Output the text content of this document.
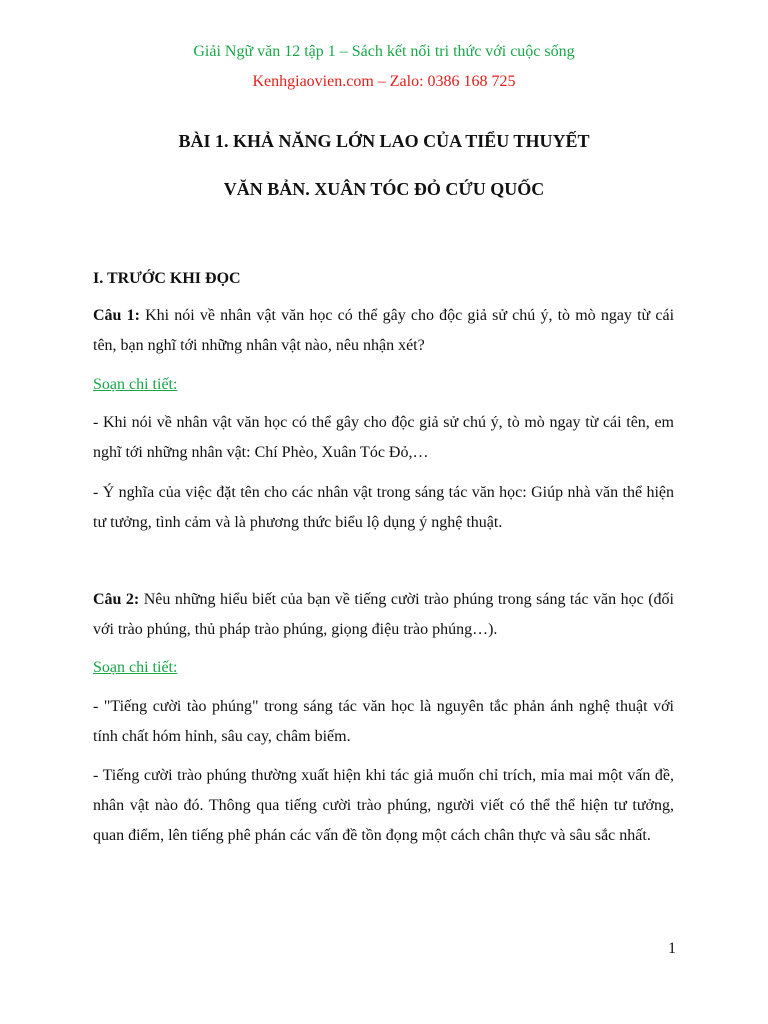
Giải Ngữ văn 12 tập 1 – Sách kết nối tri thức với cuộc sống
Kenhgiaovien.com – Zalo: 0386 168 725
BÀI 1. KHẢ NĂNG LỚN LAO CỦA TIỂU THUYẾT
VĂN BẢN. XUÂN TÓC ĐỎ CỨU QUỐC
I. TRƯỚC KHI ĐỌC

Câu 1: Khi nói về nhân vật văn học có thể gây cho độc giả sử chú ý, tò mò ngay từ cái tên, bạn nghĩ tới những nhân vật nào, nêu nhận xét?

Soạn chi tiết:

- Khi nói về nhân vật văn học có thể gây cho độc giả sử chú ý, tò mò ngay từ cái tên, em nghĩ tới những nhân vật: Chí Phèo, Xuân Tóc Đỏ,…

- Ý nghĩa của việc đặt tên cho các nhân vật trong sáng tác văn học: Giúp nhà văn thể hiện tư tưởng, tình cảm và là phương thức biểu lộ dụng ý nghệ thuật.

Câu 2: Nêu những hiểu biết của bạn về tiếng cười trào phúng trong sáng tác văn học (đối với trào phúng, thủ pháp trào phúng, giọng điệu trào phúng…).

Soạn chi tiết:

- "Tiếng cười tào phúng" trong sáng tác văn học là nguyên tắc phản ánh nghệ thuật với tính chất hóm hỉnh, sâu cay, châm biếm.

- Tiếng cười trào phúng thường xuất hiện khi tác giả muốn chỉ trích, mỉa mai một vấn đề, nhân vật nào đó. Thông qua tiếng cười trào phúng, người viết có thể thể hiện tư tưởng, quan điểm, lên tiếng phê phán các vấn đề tồn đọng một cách chân thực và sâu sắc nhất.

1
